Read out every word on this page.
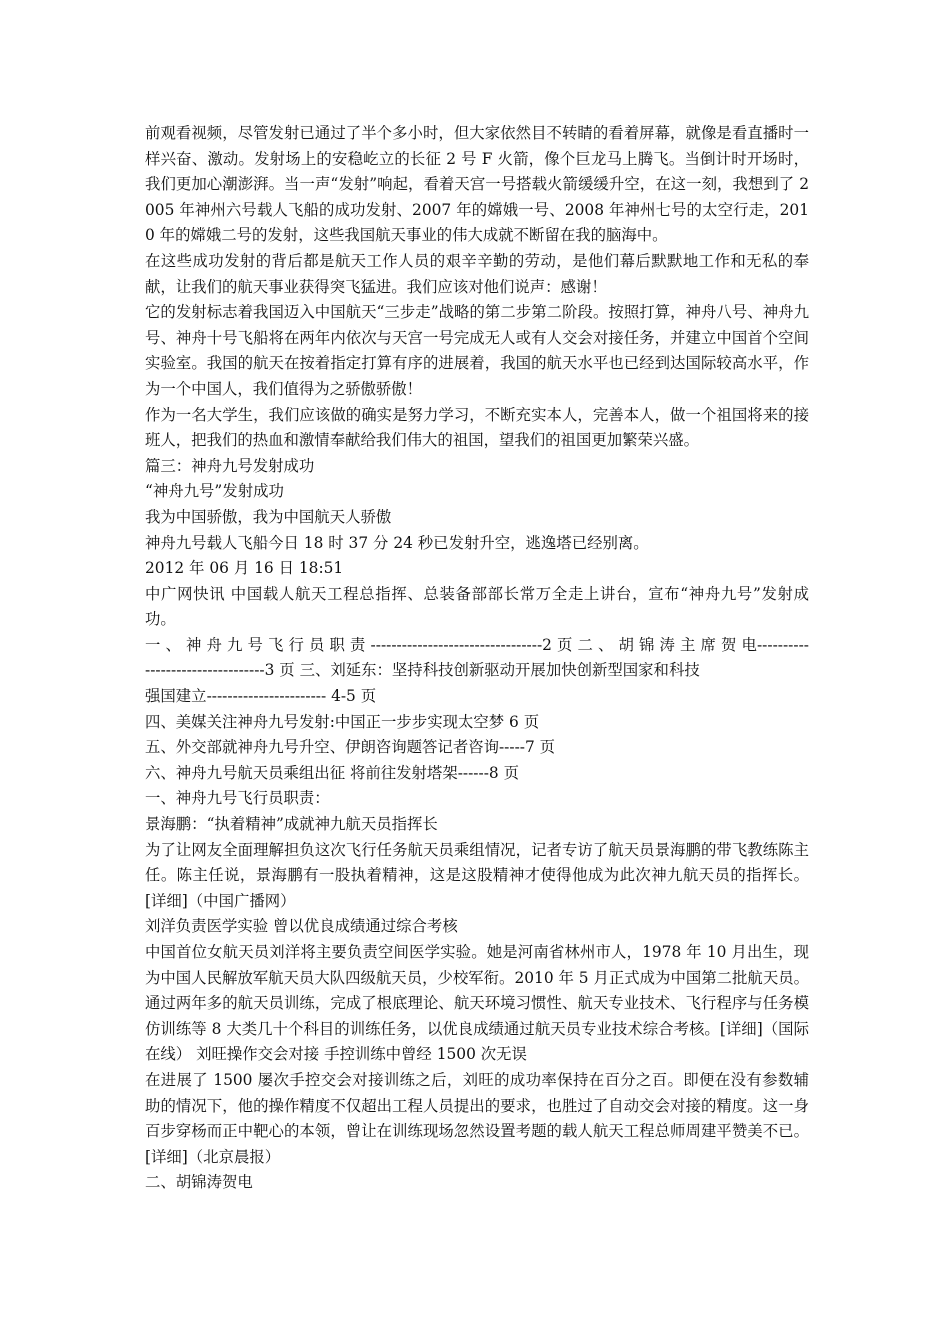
前观看视频，尽管发射已通过了半个多小时，但大家依然目不转睛的看着屏幕，就像是看直播时一样兴奋、激动。发射场上的安稳屹立的长征 2 号 F 火箭，像个巨龙马上腾飞。当倒计时开场时，我们更加心潮澎湃。当一声“发射”响起，看着天宫一号搭载火箭缓缓升空，在这一刻，我想到了 2005 年神州六号载人飞船的成功发射、2007 年的嫦娥一号、2008 年神州七号的太空行走，2010 年的嫦娥二号的发射，这些我国航天事业的伟大成就不断留在我的脑海中。

在这些成功发射的背后都是航天工作人员的艰辛辛勤的劳动，是他们幕后默默地工作和无私的奉献，让我们的航天事业获得突飞猛进。我们应该对他们说声：感谢！

它的发射标志着我国迈入中国航天“三步走”战略的第二步第二阶段。按照打算，神舟八号、神舟九号、神舟十号飞船将在两年内依次与天宫一号完成无人或有人交会对接任务，并建立中国首个空间实验室。我国的航天在按着指定打算有序的进展着，我国的航天水平也已经到达国际较高水平，作为一个中国人，我们值得为之骄傲骄傲！

作为一名大学生，我们应该做的确实是努力学习，不断充实本人，完善本人，做一个祖国将来的接班人，把我们的热血和激情奉献给我们伟大的祖国，望我们的祖国更加繁荣兴盛。

篇三：神舟九号发射成功

“神舟九号”发射成功

我为中国骄傲，我为中国航天人骄傲

神舟九号载人飞船今日 18 时 37 分 24 秒已发射升空，逃逸塔已经别离。

2012 年 06 月 16 日 18:51

中广网快讯 中国载人航天工程总指挥、总装备部部长常万全走上讲台，宣布“神舟九号”发射成功。

一 、 神 舟 九 号 飞 行 员 职 责 ---------------------------------2 页 二 、 胡 锦 涛 主 席 贺 电---------------------------------3 页 三、刘延东：坚持科技创新驱动开展加快创新型国家和科技

强国建立----------------------- 4-5 页

四、美媒关注神舟九号发射:中国正一步步实现太空梦 6 页

五、外交部就神舟九号升空、伊朗咨询题答记者咨询-----7 页

六、神舟九号航天员乘组出征 将前往发射塔架------8 页

一、神舟九号飞行员职责：

景海鹏：“执着精神”成就神九航天员指挥长

为了让网友全面理解担负这次飞行任务航天员乘组情况，记者专访了航天员景海鹏的带飞教练陈主任。陈主任说，景海鹏有一股执着精神，这是这股精神才使得他成为此次神九航天员的指挥长。[详细]（中国广播网）

刘洋负责医学实验 曾以优良成绩通过综合考核

中国首位女航天员刘洋将主要负责空间医学实验。她是河南省林州市人，1978 年 10 月出生，现为中国人民解放军航天员大队四级航天员，少校军衔。2010 年 5 月正式成为中国第二批航天员。通过两年多的航天员训练，完成了根底理论、航天环境习惯性、航天专业技术、飞行程序与任务模仿训练等 8 大类几十个科目的训练任务，以优良成绩通过航天员专业技术综合考核。[详细]（国际在线） 刘旺操作交会对接 手控训练中曾经 1500 次无误

在进展了 1500 屡次手控交会对接训练之后，刘旺的成功率保持在百分之百。即便在没有参数辅助的情况下，他的操作精度不仅超出工程人员提出的要求，也胜过了自动交会对接的精度。这一身百步穿杨而正中靶心的本领，曾让在训练现场忽然设置考题的载人航天工程总师周建平赞美不已。[详细]（北京晨报）

二、胡锦涛贺电
